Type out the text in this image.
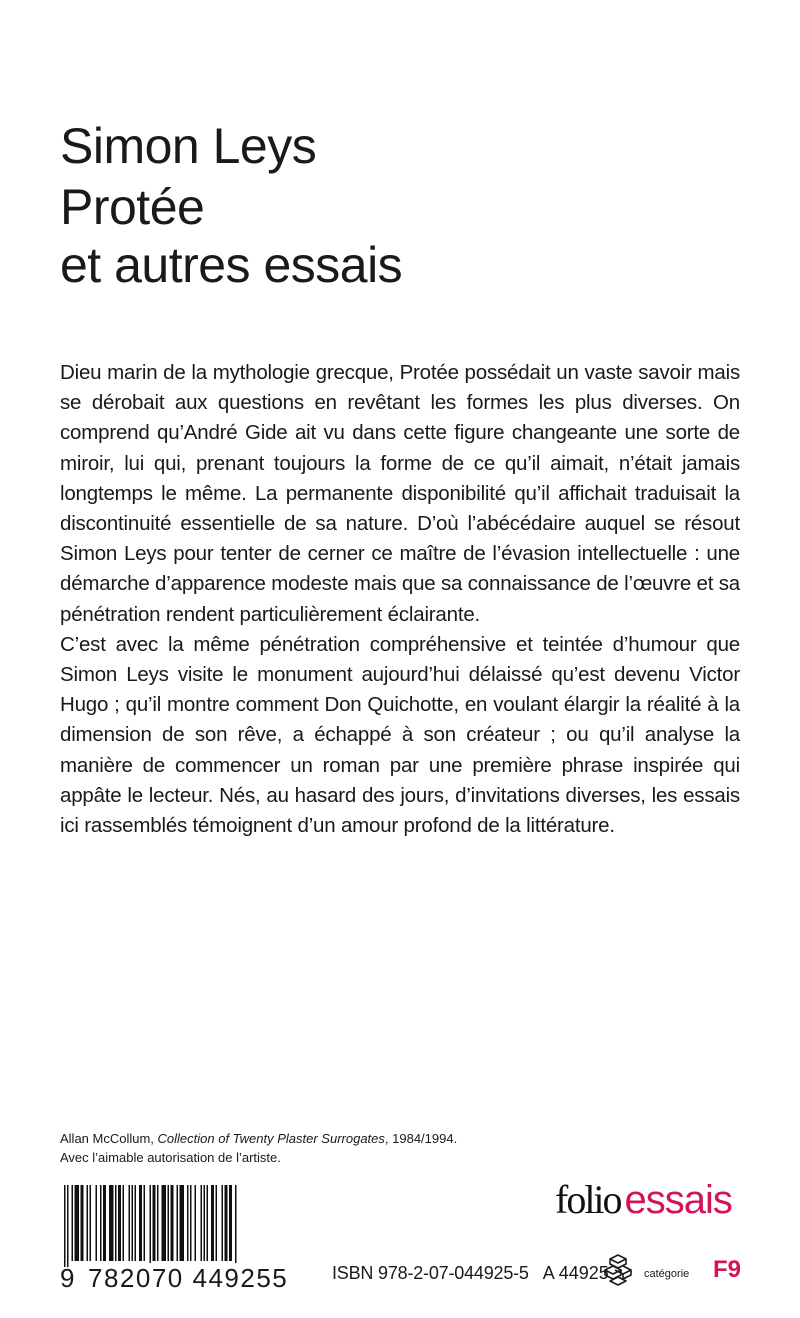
Simon Leys
Protée
et autres essais

Dieu marin de la mythologie grecque, Protée possédait un vaste savoir mais se dérobait aux questions en revêtant les formes les plus diverses. On comprend qu’André Gide ait vu dans cette figure changeante une sorte de miroir, lui qui, prenant toujours la forme de ce qu’il aimait, n’était jamais longtemps le même. La permanente disponibilité qu’il affichait traduisait la discontinuité essentielle de sa nature. D’où l’abécédaire auquel se résout Simon Leys pour tenter de cerner ce maître de l’évasion intellectuelle : une démarche d’apparence modeste mais que sa connaissance de l’œuvre et sa pénétration rendent particulièrement éclairante.

C’est avec la même pénétration compréhensive et teintée d’humour que Simon Leys visite le monument aujourd’hui délaissé qu’est devenu Victor Hugo ; qu’il montre comment Don Quichotte, en voulant élargir la réalité à la dimension de son rêve, a échappé à son créateur ; ou qu’il analyse la manière de commencer un roman par une première phrase inspirée qui appâte le lecteur. Nés, au hasard des jours, d’invitations diverses, les essais ici rassemblés témoignent d’un amour profond de la littérature.

Allan McCollum, Collection of Twenty Plaster Surrogates, 1984/1994.
Avec l’aimable autorisation de l’artiste.
9 782070 449255
folio essais
ISBN 978-2-07-044925-5 A 44925	catégorie F9
